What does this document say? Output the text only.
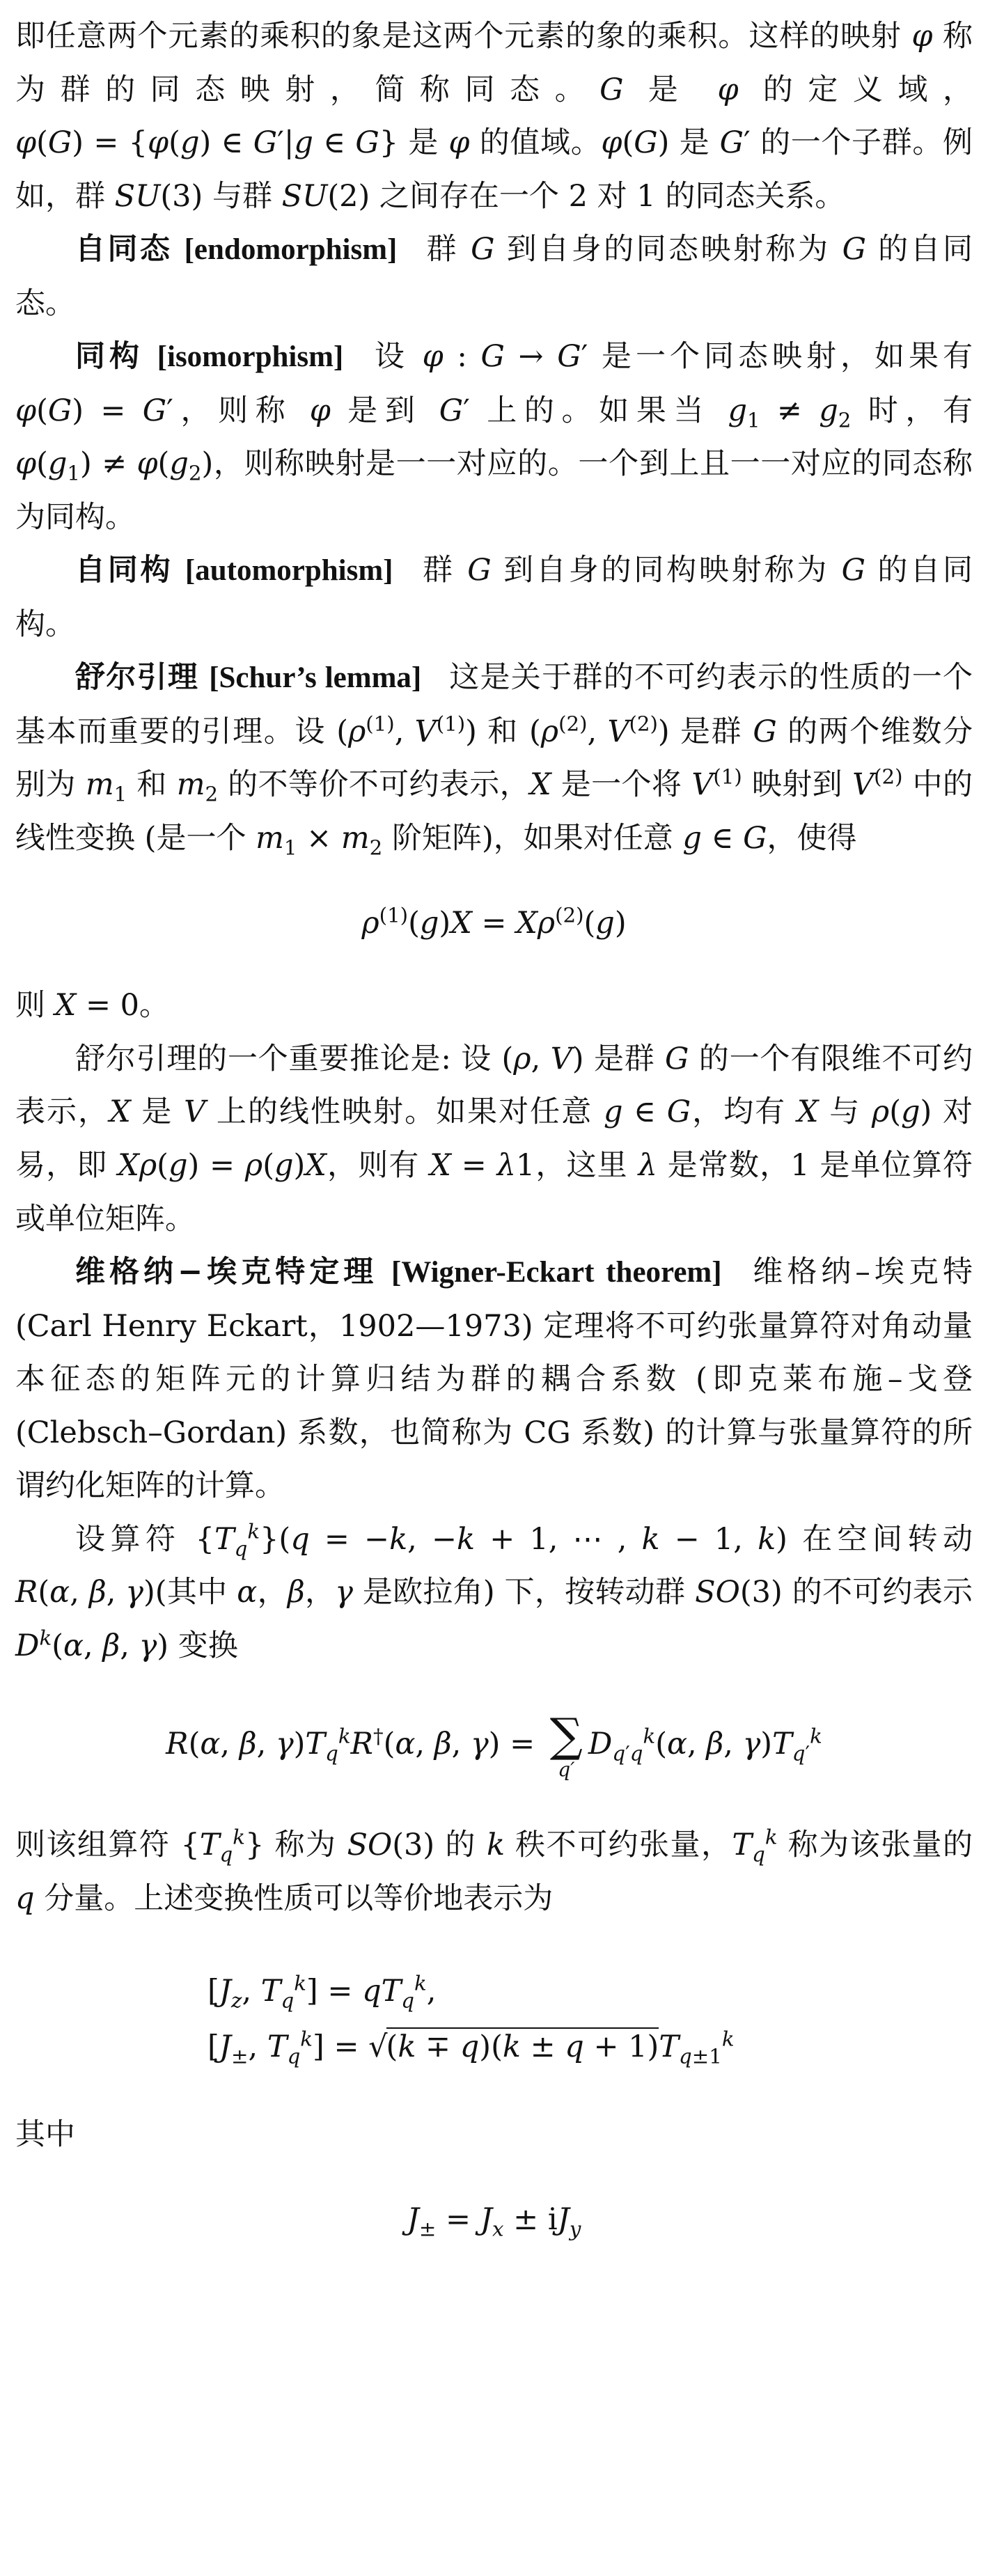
即任意两个元素的乘积的象是这两个元素的象的乘积。这样的映射 φ 称为群的同态映射，简称同态。G 是 φ 的定义域，φ(G) = {φ(g) ∈ G′|g ∈ G} 是 φ 的值域。φ(G) 是 G′ 的一个子群。例如，群 SU(3) 与群 SU(2) 之间存在一个 2 对 1 的同态关系。

自同态 [endomorphism] 群 G 到自身的同态映射称为 G 的自同态。

同构 [isomorphism] 设 φ : G → G′ 是一个同态映射，如果有 φ(G) = G′，则称 φ 是到 G′ 上的。如果当 $g_1 \ne g_2$ 时，有 $\varphi(g_1) \ne \varphi(g_2)$，则称映射是一一对应的。一个到上且一一对应的同态称为同构。

自同构 [automorphism] 群 G 到自身的同构映射称为 G 的自同构。

舒尔引理 [Schur’s lemma] 这是关于群的不可约表示的性质的一个基本而重要的引理。设 ($\rho^{(1)}$, $V^{(1)}$) 和 ($\rho^{(2)}$, $V^{(2)}$) 是群 G 的两个维数分别为 $m_1$ 和 $m_2$ 的不等价不可约表示，X 是一个将 $V^{(1)}$ 映射到 $V^{(2)}$ 中的线性变换 (是一个 $m_1 \times m_2$ 阶矩阵)，如果对任意 g ∈ G，使得

$\rho^{(1)}(g)X = X\rho^{(2)}(g)$

则 X = 0。

舒尔引理的一个重要推论是: 设 (ρ, V) 是群 G 的一个有限维不可约表示，X 是 V 上的线性映射。如果对任意 g ∈ G，均有 X 与 ρ(g) 对易，即 Xρ(g) = ρ(g)X，则有 X = λ1，这里 λ 是常数，1 是单位算符或单位矩阵。

维格纳−埃克特定理 [Wigner-Eckart theorem] 维格纳–埃克特 (Carl Henry Eckart，1902—1973) 定理将不可约张量算符对角动量本征态的矩阵元的计算归结为群的耦合系数 (即克莱布施–戈登 (Clebsch–Gordan) 系数，也简称为 CG 系数) 的计算与张量算符的所谓约化矩阵的计算。

设算符 $\{T_q^k\}(q = -k$, −k + 1, ⋯ , k − 1, k) 在空间转动 R(α, β, γ)(其中 α，β，γ 是欧拉角) 下，按转动群 SO(3) 的不可约表示 $D^k(\alpha$, β, γ) 变换

R(α, β, $\gamma)T_q^kR^\dagger(\alpha$, β, γ) = ∑
q′
$D_{q'q}^k(\alpha$, β, $\gamma)T_{q'}^k$

则该组算符 $\{T_q^k\}$ 称为 SO(3) 的 k 秩不可约张量，$T_q^k$ 称为该张量的 q 分量。上述变换性质可以等价地表示为

[$J_z$, $T_q^k] = qT_q^k$,
[$J_\pm$, $T_q^k] = √(k \mp q)(k \pm q + 1)T_{q\pm 1}^k$

其中

$J_\pm = J_x \pm iJ_y$
